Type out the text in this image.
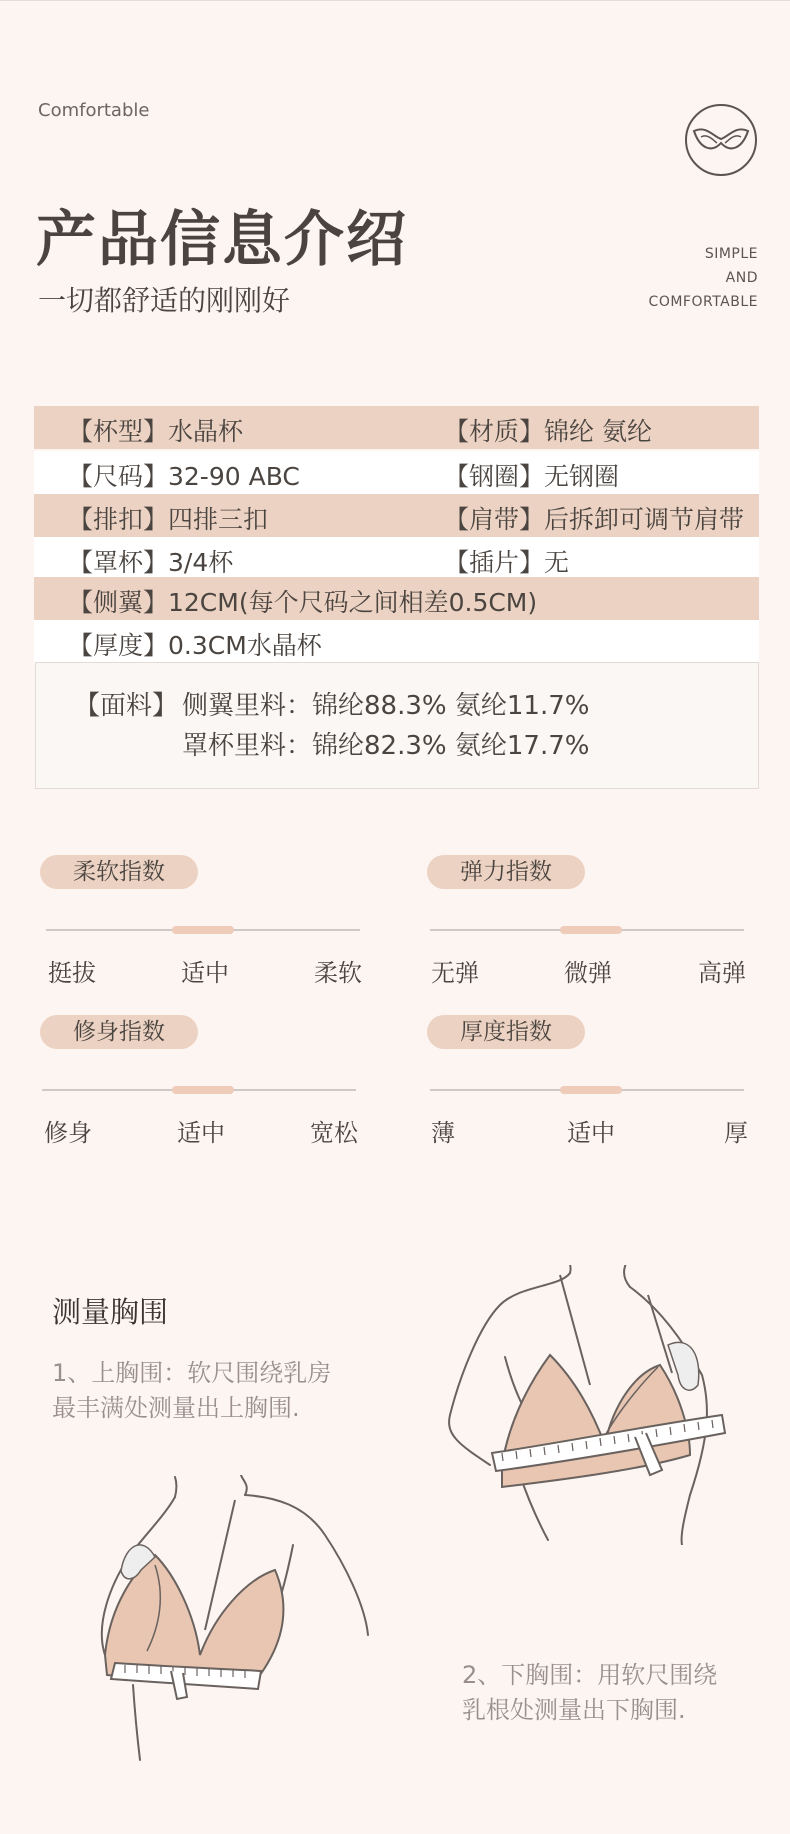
Comfortable
产品信息介绍
一切都舒适的刚刚好
SIMPLE
AND
COMFORTABLE
【杯型】水晶杯	【材质】锦纶 氨纶
【尺码】32-90 ABC	【钢圈】无钢圈
【排扣】四排三扣	【肩带】后拆卸可调节肩带
【罩杯】3/4杯	【插片】无
【侧翼】12CM(每个尺码之间相差0.5CM)
【厚度】0.3CM水晶杯
【面料】 侧翼里料：锦纶88.3% 氨纶11.7%
罩杯里料：锦纶82.3% 氨纶17.7%
柔软指数
挺拔	适中	柔软
弹力指数
无弹	微弹	高弹
修身指数
修身	适中	宽松
厚度指数
薄	适中	厚
测量胸围
1、上胸围：软尺围绕乳房
最丰满处测量出上胸围.
2、下胸围：用软尺围绕
乳根处测量出下胸围.
